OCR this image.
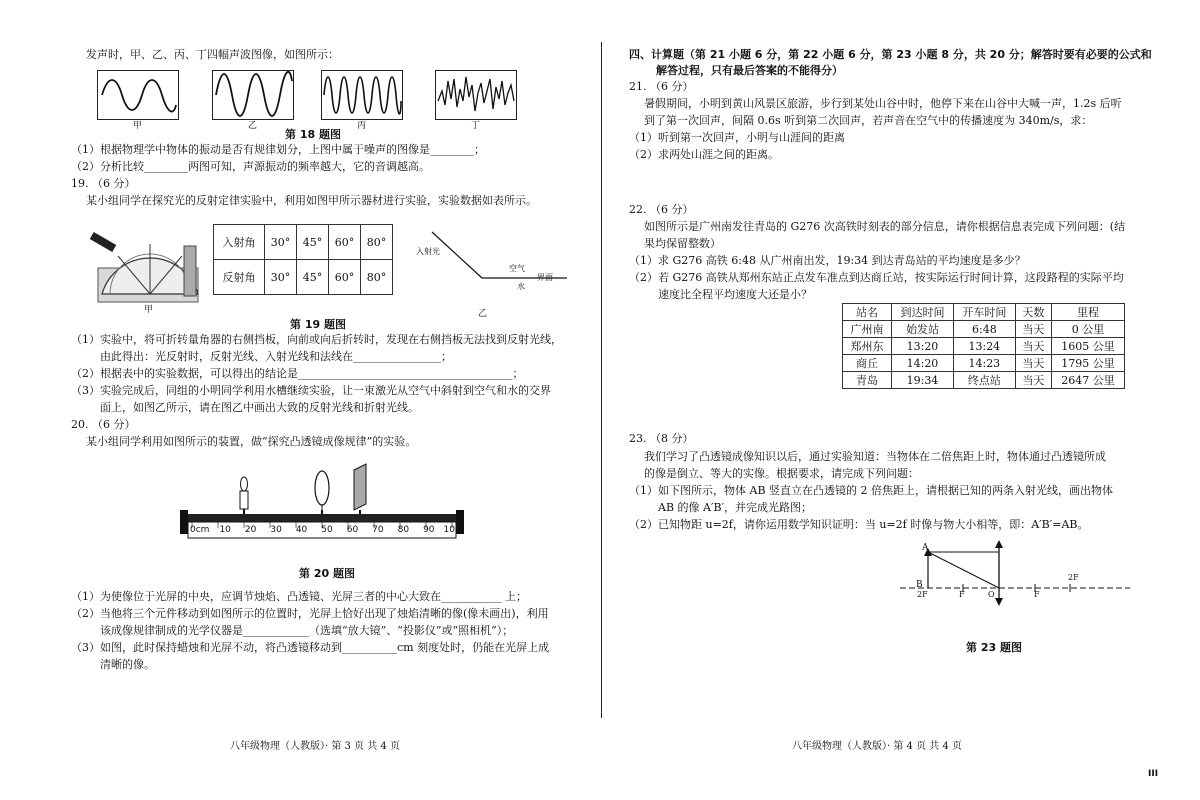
发声时，甲、乙、丙、丁四幅声波图像，如图所示：
甲	乙	丙	丁
第 18 题图
（1）根据物理学中物体的振动是否有规律划分，上图中属于噪声的图像是________；
（2）分析比较________两图可知，声源振动的频率越大，它的音调越高。
19. （6 分）
某小组同学在探究光的反射定律实验中，利用如图甲所示器材进行实验，实验数据如表所示。
甲
入射角	30°	45°	60°	80°
反射角	30°	45°	60°	80°
入射光
空气
水
界面
乙
第 19 题图
（1）实验中，将可折转量角器的右侧挡板，向前或向后折转时，发现在右侧挡板无法找到反射光线，
由此得出：光反射时，反射光线、入射光线和法线在________________；
（2）根据表中的实验数据，可以得出的结论是_______________________________________；
（3）实验完成后，同组的小明同学利用水槽继续实验，让一束激光从空气中斜射到空气和水的交界
面上，如图乙所示，请在图乙中画出大致的反射光线和折射光线。
20. （6 分）
某小组同学利用如图所示的装置，做“探究凸透镜成像规律”的实验。
0cm 10 20 30 40 50 60 70 80 90 100
第 20 题图
（1）为使像位于光屏的中央，应调节烛焰、凸透镜、光屏三者的中心大致在___________ 上；
（2）当他将三个元件移动到如图所示的位置时，光屏上恰好出现了烛焰清晰的像(像未画出)，利用
该成像规律制成的光学仪器是____________（选填“放大镜”、“投影仪”或“照相机”）；
（3）如图，此时保持蜡烛和光屏不动，将凸透镜移动到__________cm 刻度处时，仍能在光屏上成
清晰的像。
八年级物理（人教版）· 第 3 页 共 4 页
四、计算题（第 21 小题 6 分，第 22 小题 6 分，第 23 小题 8 分，共 20 分；解答时要有必要的公式和
解答过程，只有最后答案的不能得分）
21. （6 分）
暑假期间，小明到黄山风景区旅游，步行到某处山谷中时，他停下来在山谷中大喊一声，1.2s 后听
到了第一次回声，间隔 0.6s 听到第二次回声，若声音在空气中的传播速度为 340m/s，求：
（1）听到第一次回声，小明与山涯间的距离
（2）求两处山涯之间的距离。
22. （6 分）
如图所示是广州南发往青岛的 G276 次高铁时刻表的部分信息，请你根据信息表完成下列问题：(结
果均保留整数）
（1）求 G276 高铁 6:48 从广州南出发，19:34 到达青岛站的平均速度是多少？
（2）若 G276 高铁从郑州东站正点发车准点到达商丘站，按实际运行时间计算，这段路程的实际平均
速度比全程平均速度大还是小？
站名	到达时间	开车时间	天数	里程
广州南	始发站	6:48	当天	0 公里
郑州东	13:20	13:24	当天	1605 公里
商丘	14:20	14:23	当天	1795 公里
青岛	19:34	终点站	当天	2647 公里
23. （8 分）
我们学习了凸透镜成像知识以后，通过实验知道：当物体在二倍焦距上时，物体通过凸透镜所成
的像是倒立、等大的实像。根据要求，请完成下列问题：
（1）如下图所示，物体 AB 竖直立在凸透镜的 2 倍焦距上，请根据已知的两条入射光线，画出物体
AB 的像 A′B′，并完成光路图；
（2）已知物距 u=2f，请你运用数学知识证明：当 u=2f 时像与物大小相等，即：A′B′=AB。
A
B
2F	F	O	F
2F
第 23 题图
八年级物理（人教版）· 第 4 页 共 4 页
III
